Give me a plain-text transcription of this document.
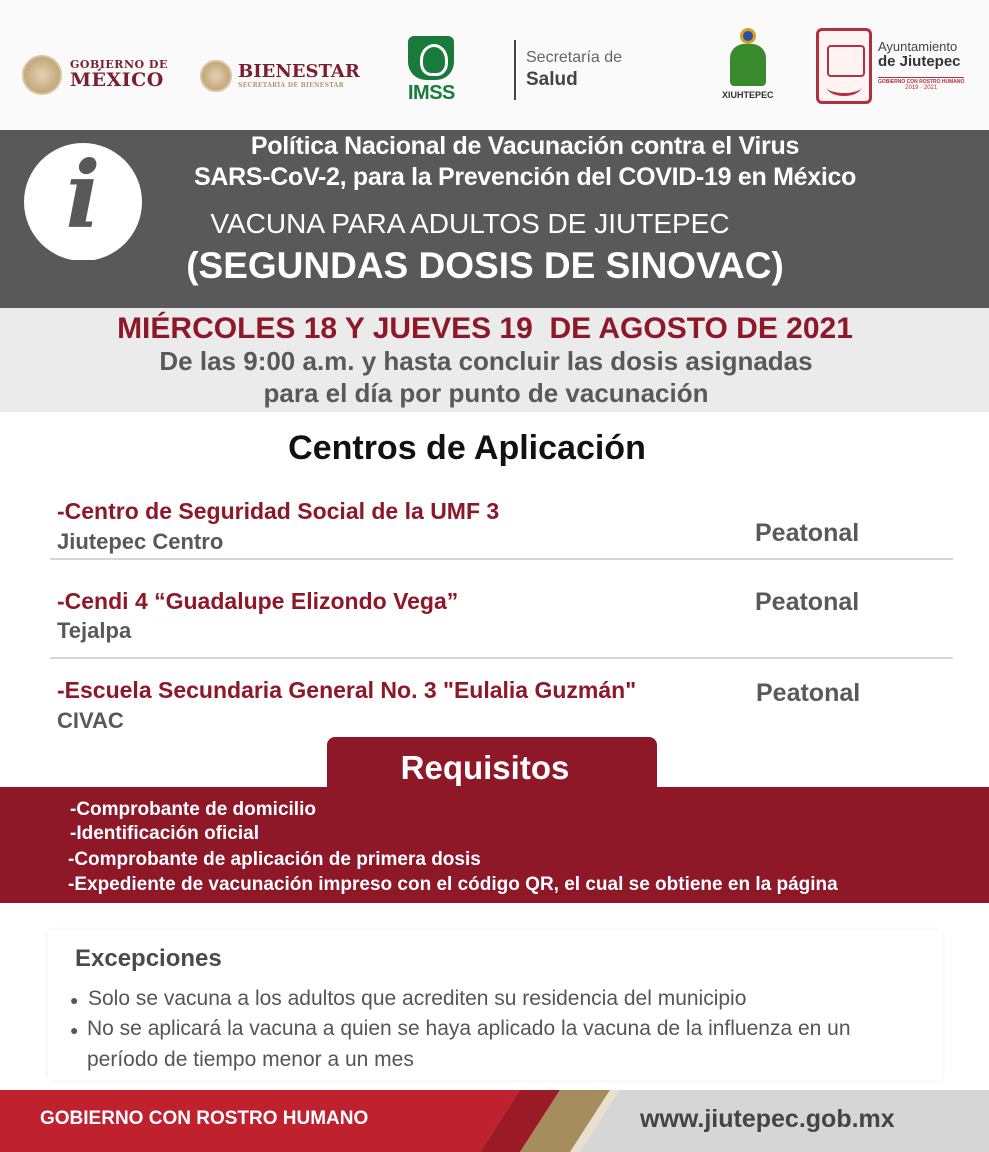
GOBIERNO DE
MÉXICO	BIENESTAR
SECRETARÍA DE BIENESTAR	IMSS
Secretaría de
Salud
XIUHTEPEC
Ayuntamiento
de Jiutepec
GOBIERNO CON ROSTRO HUMANO
2019 · 2021
i	Política Nacional de Vacunación contra el Virus
SARS-CoV-2, para la Prevención del COVID-19 en México
VACUNA PARA ADULTOS DE JIUTEPEC
(SEGUNDAS DOSIS DE SINOVAC)
MIÉRCOLES 18 Y JUEVES 19  DE AGOSTO DE 2021
De las 9:00 a.m. y hasta concluir las dosis asignadas
para el día por punto de vacunación
Centros de Aplicación
-Centro de Seguridad Social de la UMF 3
Jiutepec Centro	Peatonal
-Cendi 4 “Guadalupe Elizondo Vega”
Tejalpa
Peatonal
-Escuela Secundaria General No. 3 "Eulalia Guzmán"
CIVAC
Peatonal
Requisitos
-Comprobante de domicilio
-Identificación oficial
-Comprobante de aplicación de primera dosis
-Expediente de vacunación impreso con el código QR, el cual se obtiene en la página
Excepciones
● Solo se vacuna a los adultos que acrediten su residencia del municipio
● No se aplicará la vacuna a quien se haya aplicado la vacuna de la influenza en un
período de tiempo menor a un mes
GOBIERNO CON ROSTRO HUMANO	www.jiutepec.gob.mx
